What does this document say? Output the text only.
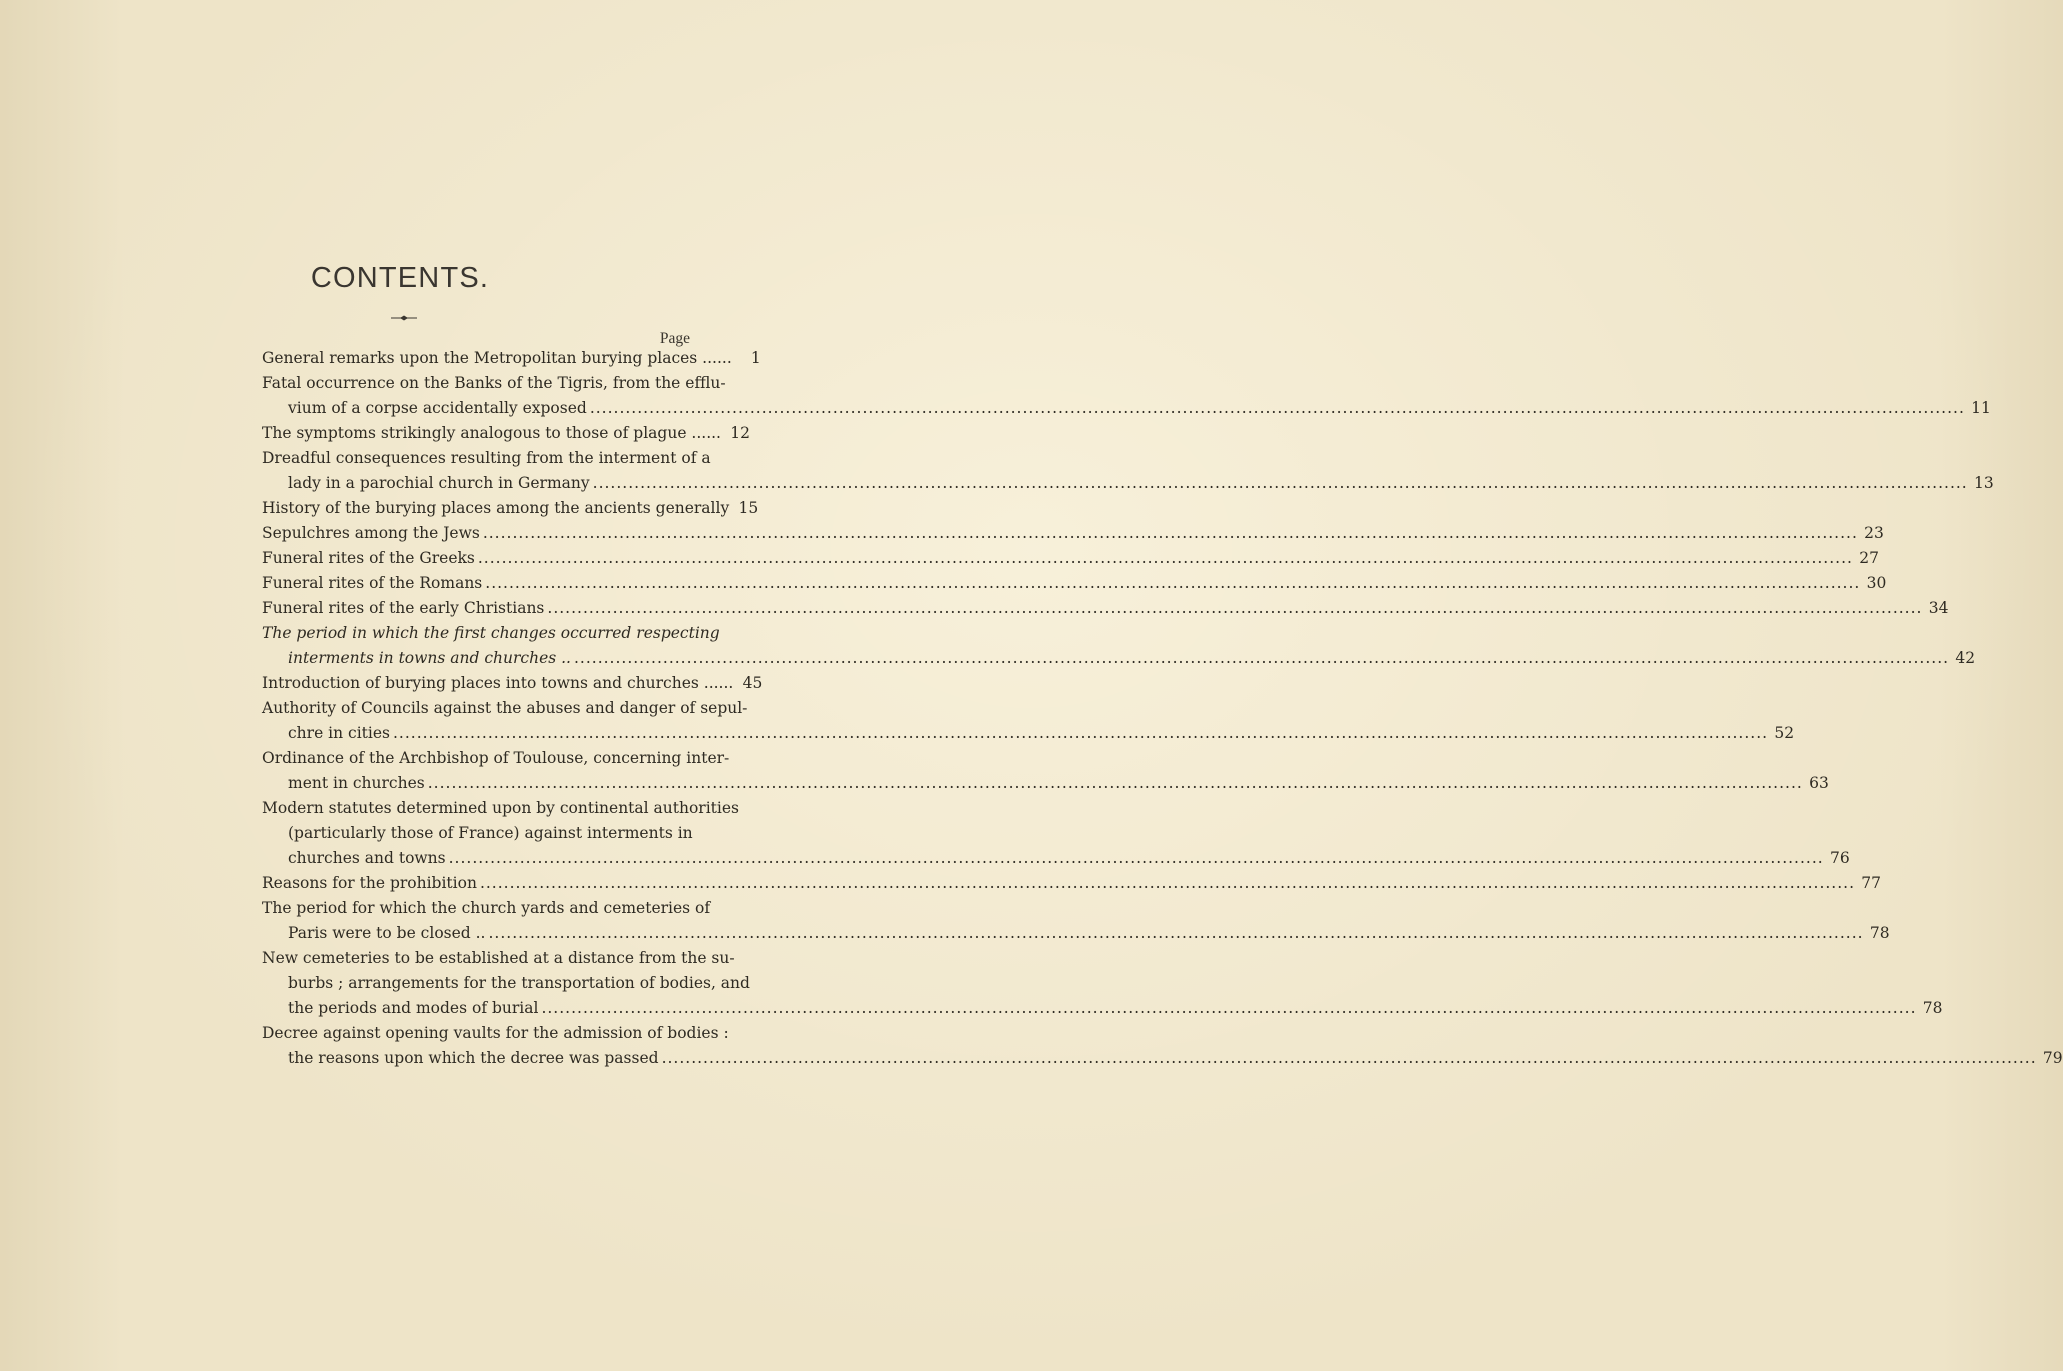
CONTENTS.
Page
General remarks upon the Metropolitan burying places ......	1
Fatal occurrence on the Banks of the Tigris, from the efflu-
vium of a corpse accidentally exposed .....	11
The symptoms strikingly analogous to those of plague ...... 12
Dreadful consequences resulting from the interment of a
lady in a parochial church in Germany .....	13
History of the burying places among the ancients generally 15
Sepulchres among the Jews .....	23
Funeral rites of the Greeks .....	27
Funeral rites of the Romans .....	30
Funeral rites of the early Christians .....	34
The period in which the first changes occurred respecting
interments in towns and churches .. .....	42
Introduction of burying places into towns and churches ...... 45
Authority of Councils against the abuses and danger of sepul-
chre in cities .....	52
Ordinance of the Archbishop of Toulouse, concerning inter-
ment in churches .....	63
Modern statutes determined upon by continental authorities
(particularly those of France) against interments in
churches and towns .....	76
Reasons for the prohibition .....	77
The period for which the church yards and cemeteries of
Paris were to be closed .. .....	78
New cemeteries to be established at a distance from the su-
burbs ; arrangements for the transportation of bodies, and
the periods and modes of burial .....	78
Decree against opening vaults for the admission of bodies :
the reasons upon which the decree was passed .....	79
